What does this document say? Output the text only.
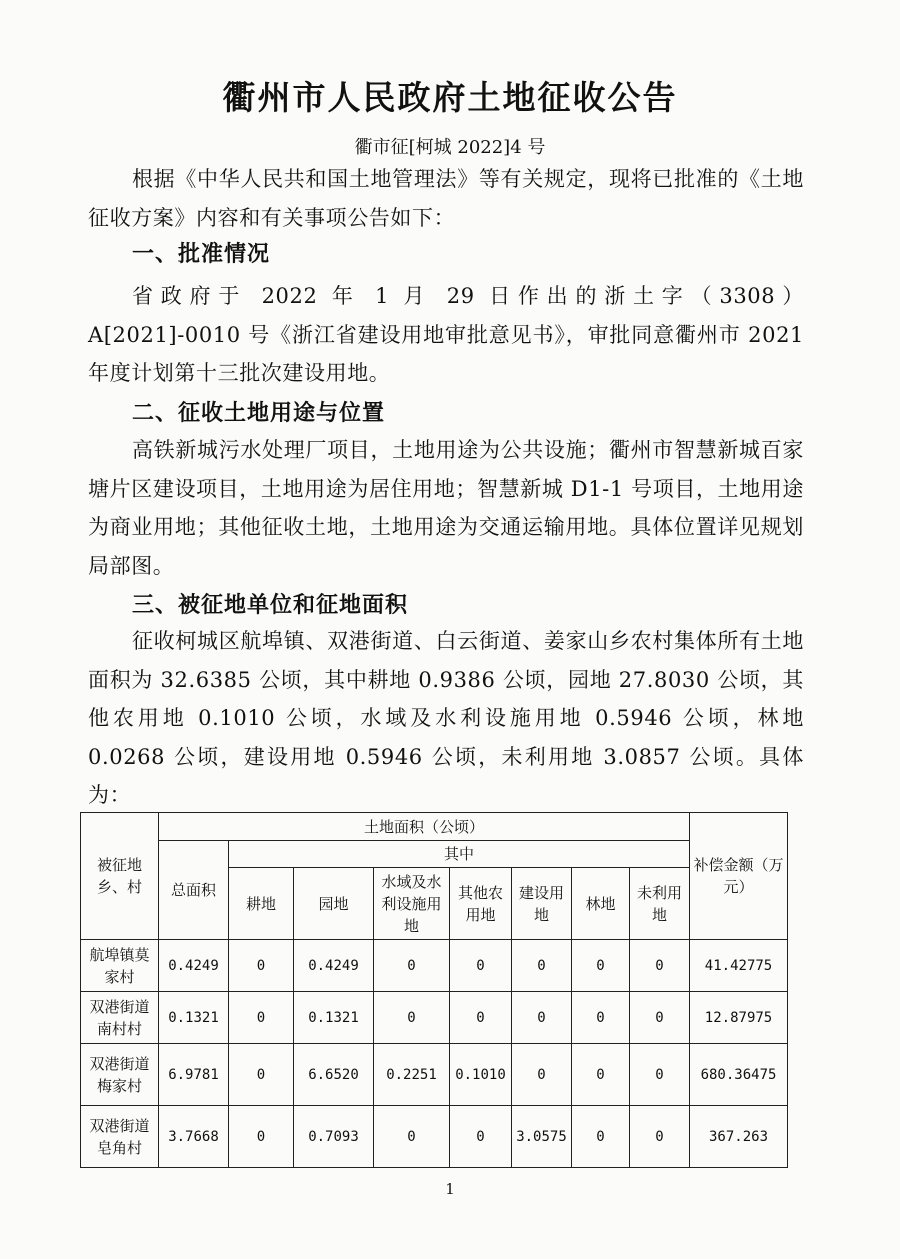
衢州市人民政府土地征收公告
衢市征[柯城 2022]4 号

根据《中华人民共和国土地管理法》等有关规定，现将已批准的《土地征收方案》内容和有关事项公告如下：

一、批准情况

省政府于 2022 年 1 月 29 日作出的浙土字（3308）A[2021]-0010 号《浙江省建设用地审批意见书》，审批同意衢州市 2021 年度计划第十三批次建设用地。

二、征收土地用途与位置

高铁新城污水处理厂项目，土地用途为公共设施；衢州市智慧新城百家塘片区建设项目，土地用途为居住用地；智慧新城 D1-1 号项目，土地用途为商业用地；其他征收土地，土地用途为交通运输用地。具体位置详见规划局部图。

三、被征地单位和征地面积

征收柯城区航埠镇、双港街道、白云街道、姜家山乡农村集体所有土地面积为 32.6385 公顷，其中耕地 0.9386 公顷，园地 27.8030 公顷，其他农用地 0.1010 公顷，水域及水利设施用地 0.5946 公顷，林地 0.0268 公顷，建设用地 0.5946 公顷，未利用地 3.0857 公顷。具体为：

被征地乡、村	土地面积（公顷）								补偿金额（万元）
	总面积	其中							
		耕地	园地	水域及水利设施用地	其他农用地	建设用地	林地	未利用地	
航埠镇莫家村	0.4249	0	0.4249	0	0	0	0	0	41.42775
双港街道南村村	0.1321	0	0.1321	0	0	0	0	0	12.87975
双港街道梅家村	6.9781	0	6.6520	0.2251	0.1010	0	0	0	680.36475
双港街道皂角村	3.7668	0	0.7093	0	0	3.0575	0	0	367.263
1
